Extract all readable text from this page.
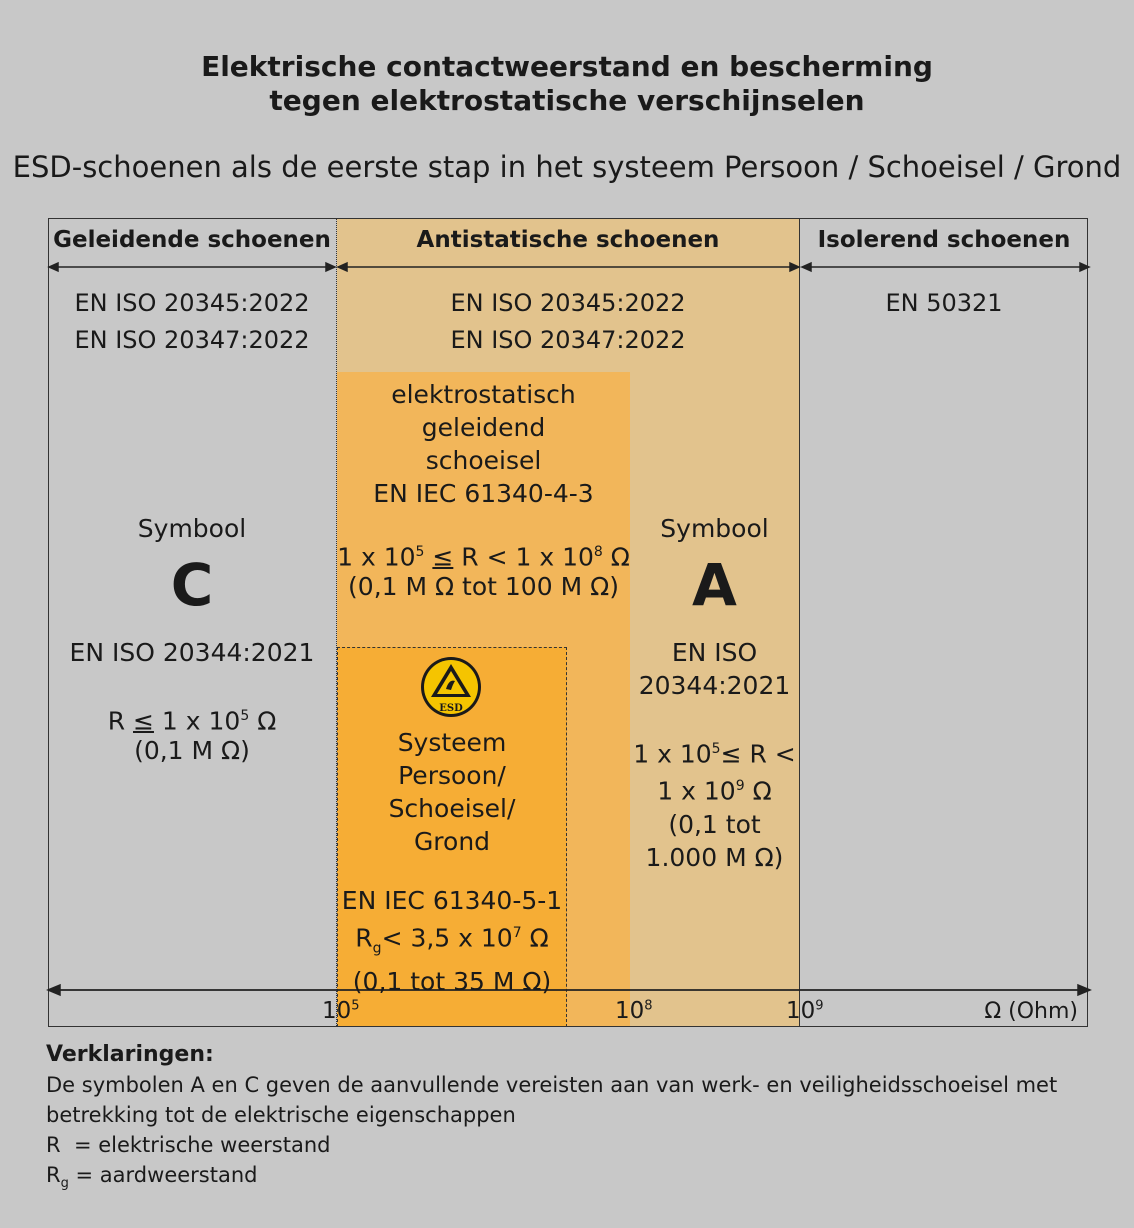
Elektrische contactweerstand en bescherming
tegen elektrostatische verschijnselen
ESD-schoenen als de eerste stap in het systeem Persoon / Schoeisel / Grond
Geleidende schoenen	Antistatische schoenen	Isolerend schoenen
EN ISO 20345:2022
EN ISO 20347:2022
EN ISO 20345:2022
EN ISO 20347:2022
EN 50321
Symbool
C
EN ISO 20344:2021
R ≤ 1 x $10^5$ Ω
(0,1 M Ω)
elektrostatisch
geleidend
schoeisel
EN IEC 61340-4-3
1 x $10^5 \le R < 1$ x $10^8$ Ω
(0,1 M Ω tot 100 M Ω)
Symbool
A
EN ISO
20344:2021
1 x $10^5\le R$ <
1 x $10^9$ Ω
(0,1 tot
1.000 M Ω)
ESD
Systeem
Persoon/
Schoeisel/
Grond
EN IEC 61340-5-1
$R_g< 3,5$ x $10^7$ Ω
(0,1 tot 35 M Ω)
$10^5$	$10^8$	$10^9$	Ω (Ohm)
Verklaringen:
De symbolen A en C geven de aanvullende vereisten aan van werk- en veiligheidsschoeisel met
betrekking tot de elektrische eigenschappen
R  = elektrische weerstand
$R_g$ = aardweerstand
